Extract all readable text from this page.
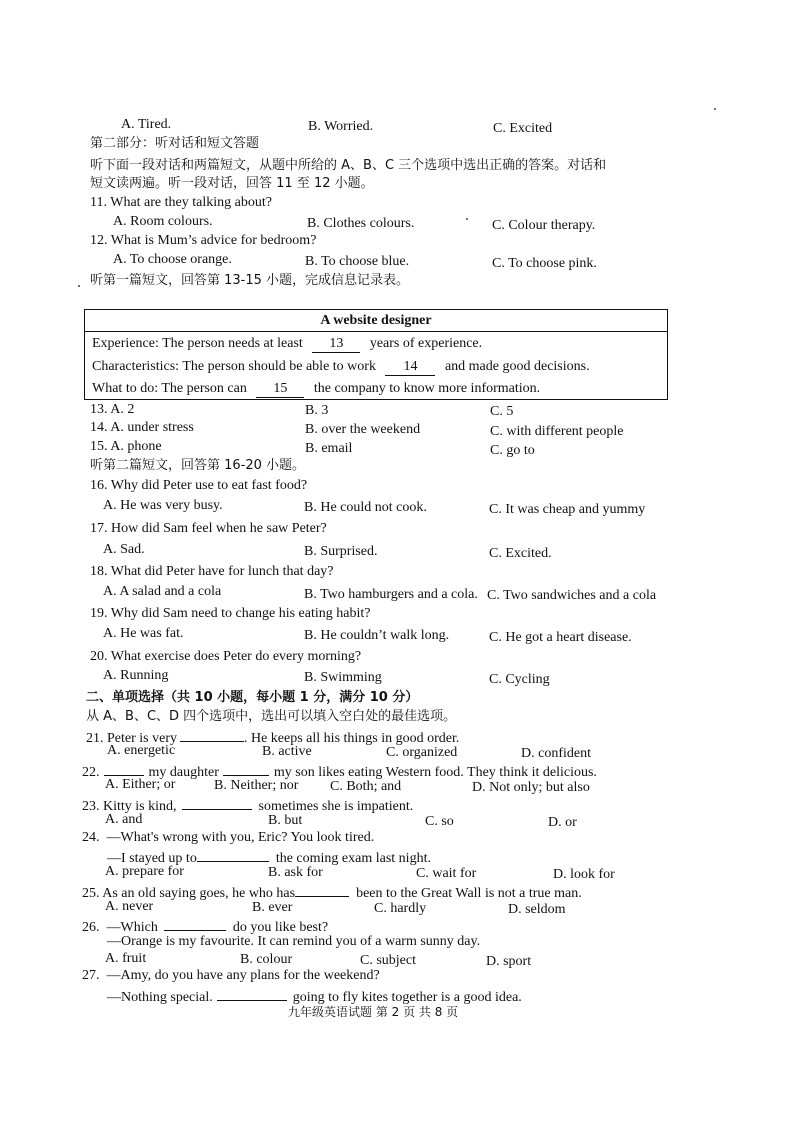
A. Tired.	B. Worried.	C. Excited
第二部分：听对话和短文答题
听下面一段对话和两篇短文，从题中所给的 A、B、C 三个选项中选出正确的答案。对话和
短文读两遍。听一段对话，回答 11 至 12 小题。
11. What are they talking about?
A. Room colours.	B. Clothes colours.	C. Colour therapy.
12. What is Mum’s advice for bedroom?
A. To choose orange.	B. To choose blue.	C. To choose pink.
听第一篇短文，回答第 13-15 小题，完成信息记录表。
A website designer
Experience: The person needs at least 13 years of experience.
Characteristics: The person should be able to work 14 and made good decisions.
What to do: The person can 15 the company to know more information.
13. A. 2	B. 3	C. 5
14. A. under stress	B. over the weekend	C. with different people
15. A. phone	B. email	C. go to
听第二篇短文，回答第 16-20 小题。
16. Why did Peter use to eat fast food?
A. He was very busy.	B. He could not cook.	C. It was cheap and yummy
17. How did Sam feel when he saw Peter?
A. Sad.	B. Surprised.	C. Excited.
18. What did Peter have for lunch that day?
A. A salad and a cola	B. Two hamburgers and a cola. C. Two sandwiches and a cola
19. Why did Sam need to change his eating habit?
A. He was fat.	B. He couldn’t walk long.	C. He got a heart disease.
20. What exercise does Peter do every morning?
A. Running	B. Swimming	C. Cycling
二、单项选择（共 10 小题，每小题 1 分，满分 10 分）
从 A、B、C、D 四个选项中，选出可以填入空白处的最佳选项。
21. Peter is very	. He keeps all his things in good order.
A. energetic	B. active	C. organized	D. confident
22.	my daughter	my son likes eating Western food. They think it delicious.
A. Either; or	B. Neither; nor C. Both; and	D. Not only; but also
23. Kitty is kind,	sometimes she is impatient.
A. and	B. but	C. so	D. or
24. —What's wrong with you, Eric? You look tired.
—I stayed up to	the coming exam last night.
A. prepare for	B. ask for	C. wait for	D. look for
25. As an old saying goes, he who has	been to the Great Wall is not a true man.
A. never	B. ever	C. hardly	D. seldom
26. —Which	do you like best?
—Orange is my favourite. It can remind you of a warm sunny day.
A. fruit	B. colour	C. subject	D. sport
27. —Amy, do you have any plans for the weekend?
—Nothing special.	going to fly kites together is a good idea.
九年级英语试题 第 2 页 共 8 页
